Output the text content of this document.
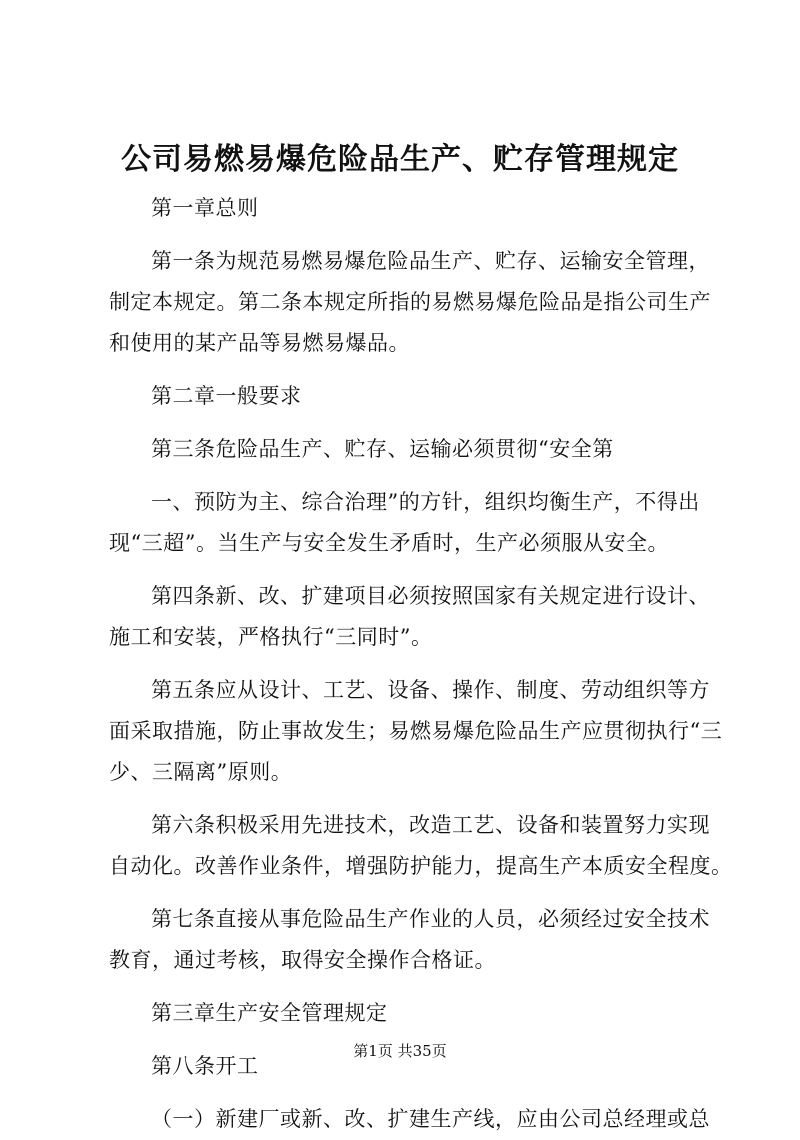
公司易燃易爆危险品生产、贮存管理规定
第一章总则
第一条为规范易燃易爆危险品生产、贮存、运输安全管理，
制定本规定。第二条本规定所指的易燃易爆危险品是指公司生产
和使用的某产品等易燃易爆品。
第二章一般要求
第三条危险品生产、贮存、运输必须贯彻“安全第
一、预防为主、综合治理”的方针，组织均衡生产，不得出
现“三超”。当生产与安全发生矛盾时，生产必须服从安全。
第四条新、改、扩建项目必须按照国家有关规定进行设计、
施工和安装，严格执行“三同时”。
第五条应从设计、工艺、设备、操作、制度、劳动组织等方
面采取措施，防止事故发生；易燃易爆危险品生产应贯彻执行“三
少、三隔离”原则。
第六条积极采用先进技术，改造工艺、设备和装置努力实现
自动化。改善作业条件，增强防护能力，提高生产本质安全程度。
第七条直接从事危险品生产作业的人员，必须经过安全技术
教育，通过考核，取得安全操作合格证。
第三章生产安全管理规定
第八条开工
（一）新建厂或新、改、扩建生产线，应由公司总经理或总
第1页 共35页
